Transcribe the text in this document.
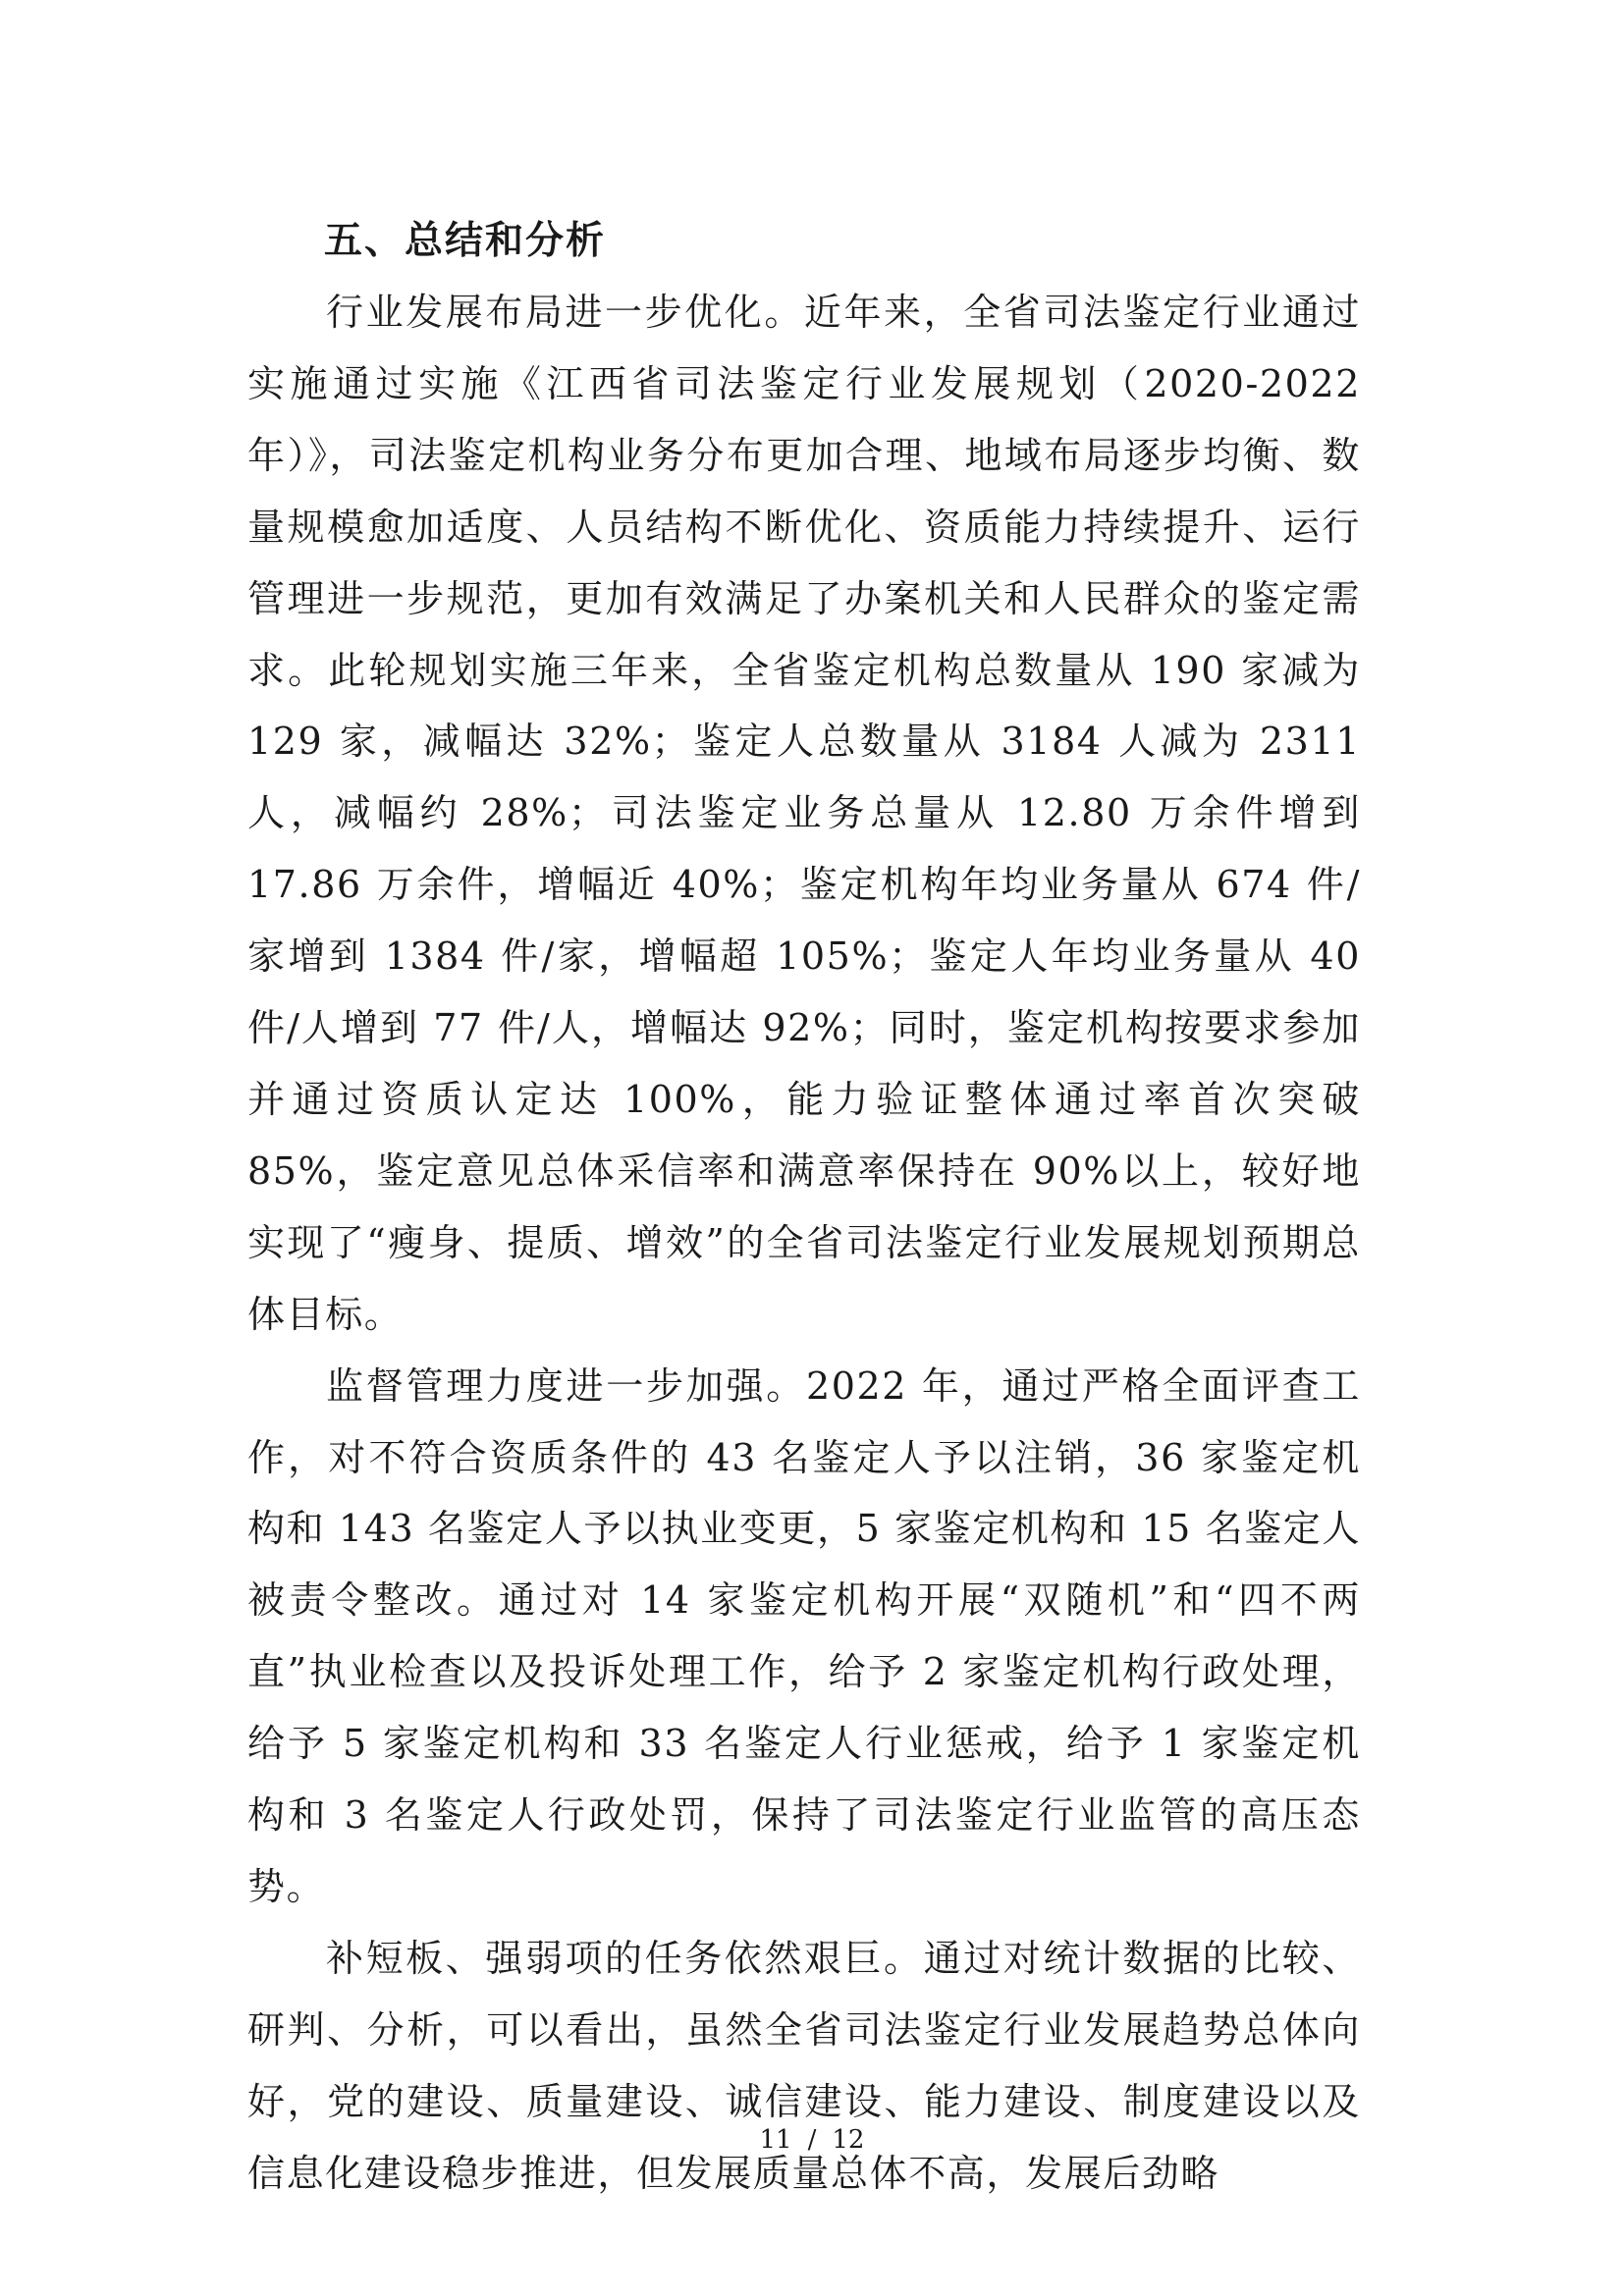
五、总结和分析

行业发展布局进一步优化。近年来，全省司法鉴定行业通过实施通过实施《江西省司法鉴定行业发展规划（2020-2022年）》，司法鉴定机构业务分布更加合理、地域布局逐步均衡、数量规模愈加适度、人员结构不断优化、资质能力持续提升、运行管理进一步规范，更加有效满足了办案机关和人民群众的鉴定需求。此轮规划实施三年来，全省鉴定机构总数量从 190 家减为 129 家，减幅达 32%；鉴定人总数量从 3184 人减为 2311 人，减幅约 28%；司法鉴定业务总量从 12.80 万余件增到 17.86 万余件，增幅近 40%；鉴定机构年均业务量从 674 件/家增到 1384 件/家，增幅超 105%；鉴定人年均业务量从 40 件/人增到 77 件/人，增幅达 92%；同时，鉴定机构按要求参加并通过资质认定达 100%，能力验证整体通过率首次突破 85%，鉴定意见总体采信率和满意率保持在 90%以上，较好地实现了“瘦身、提质、增效”的全省司法鉴定行业发展规划预期总体目标。

监督管理力度进一步加强。2022 年，通过严格全面评查工作，对不符合资质条件的 43 名鉴定人予以注销，36 家鉴定机构和 143 名鉴定人予以执业变更，5 家鉴定机构和 15 名鉴定人被责令整改。通过对 14 家鉴定机构开展“双随机”和“四不两直”执业检查以及投诉处理工作，给予 2 家鉴定机构行政处理，给予 5 家鉴定机构和 33 名鉴定人行业惩戒，给予 1 家鉴定机构和 3 名鉴定人行政处罚，保持了司法鉴定行业监管的高压态势。

补短板、强弱项的任务依然艰巨。通过对统计数据的比较、研判、分析，可以看出，虽然全省司法鉴定行业发展趋势总体向好，党的建设、质量建设、诚信建设、能力建设、制度建设以及信息化建设稳步推进，但发展质量总体不高，发展后劲略

11 / 12
